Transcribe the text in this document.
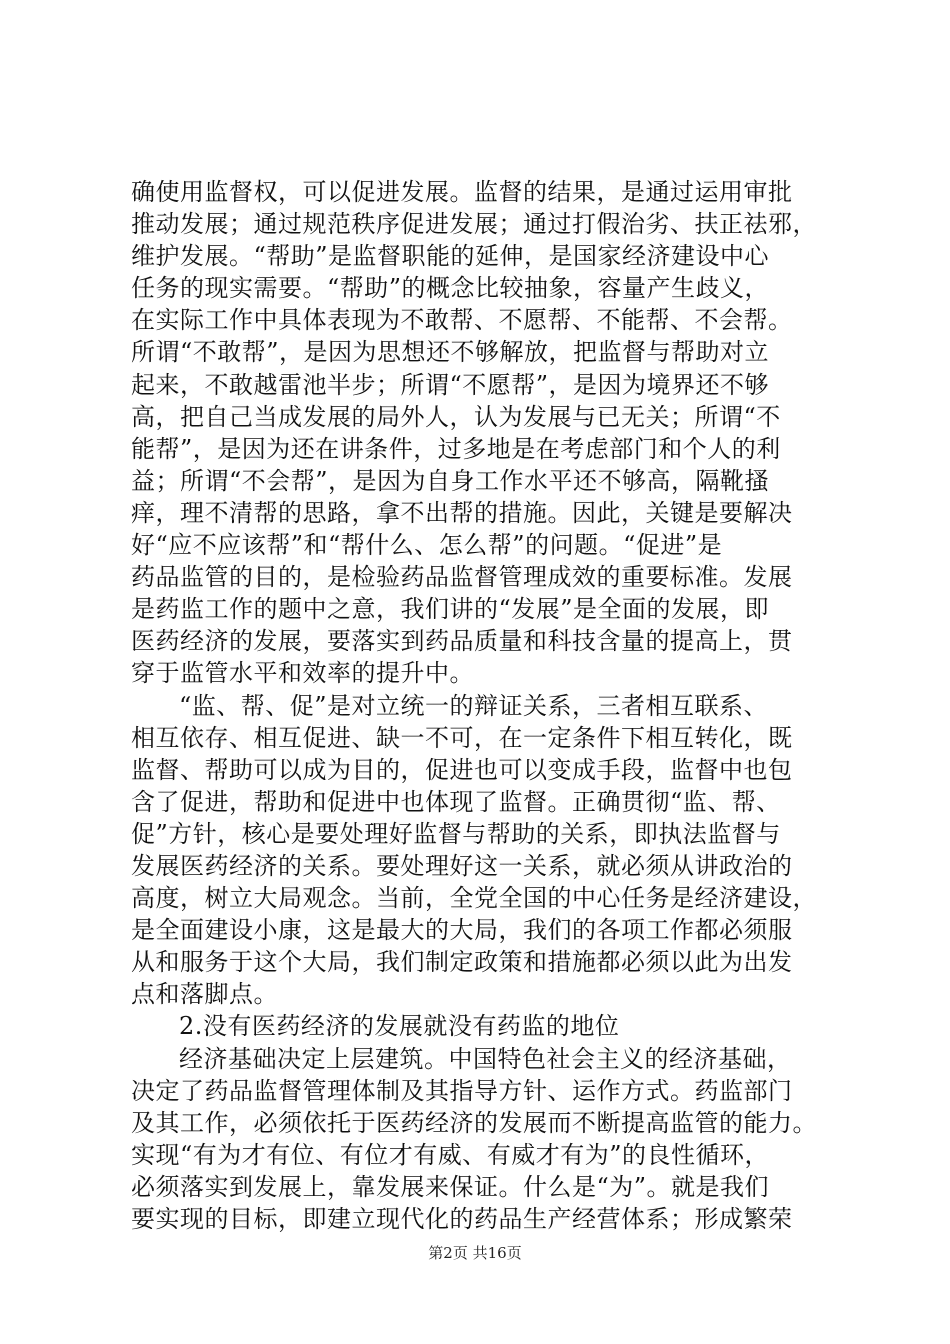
确使用监督权，可以促进发展。监督的结果，是通过运用审批
推动发展；通过规范秩序促进发展；通过打假治劣、扶正祛邪，
维护发展。“帮助”是监督职能的延伸，是国家经济建设中心
任务的现实需要。“帮助”的概念比较抽象，容量产生歧义，
在实际工作中具体表现为不敢帮、不愿帮、不能帮、不会帮。
所谓“不敢帮”，是因为思想还不够解放，把监督与帮助对立
起来，不敢越雷池半步；所谓“不愿帮”，是因为境界还不够
高，把自己当成发展的局外人，认为发展与已无关；所谓“不
能帮”，是因为还在讲条件，过多地是在考虑部门和个人的利
益；所谓“不会帮”，是因为自身工作水平还不够高，隔靴搔
痒，理不清帮的思路，拿不出帮的措施。因此，关键是要解决
好“应不应该帮”和“帮什么、怎么帮”的问题。“促进”是
药品监管的目的，是检验药品监督管理成效的重要标准。发展
是药监工作的题中之意，我们讲的“发展”是全面的发展，即
医药经济的发展，要落实到药品质量和科技含量的提高上，贯
穿于监管水平和效率的提升中。
“监、帮、促”是对立统一的辩证关系，三者相互联系、
相互依存、相互促进、缺一不可，在一定条件下相互转化，既
监督、帮助可以成为目的，促进也可以变成手段，监督中也包
含了促进，帮助和促进中也体现了监督。正确贯彻“监、帮、
促”方针，核心是要处理好监督与帮助的关系，即执法监督与
发展医药经济的关系。要处理好这一关系，就必须从讲政治的
高度，树立大局观念。当前，全党全国的中心任务是经济建设，
是全面建设小康，这是最大的大局，我们的各项工作都必须服
从和服务于这个大局，我们制定政策和措施都必须以此为出发
点和落脚点。
2.没有医药经济的发展就没有药监的地位
经济基础决定上层建筑。中国特色社会主义的经济基础，
决定了药品监督管理体制及其指导方针、运作方式。药监部门
及其工作，必须依托于医药经济的发展而不断提高监管的能力。
实现“有为才有位、有位才有威、有威才有为”的良性循环，
必须落实到发展上，靠发展来保证。什么是“为”。就是我们
要实现的目标，即建立现代化的药品生产经营体系；形成繁荣
第2页 共16页
